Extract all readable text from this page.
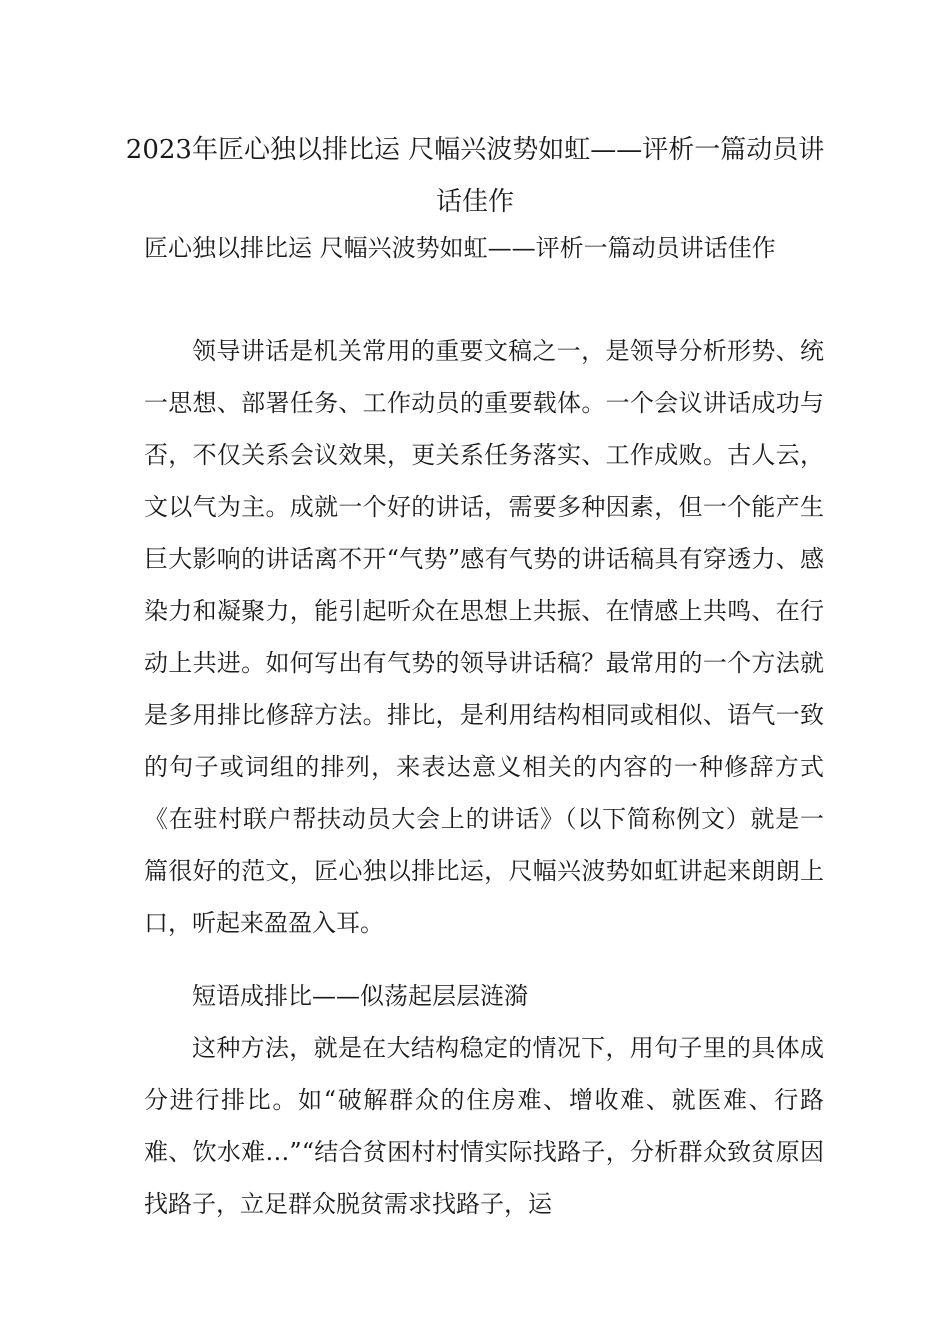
2023年匠心独以排比运 尺幅兴波势如虹——评析一篇动员讲话佳作
匠心独以排比运 尺幅兴波势如虹——评析一篇动员讲话佳作

领导讲话是机关常用的重要文稿之一，是领导分析形势、统一思想、部署任务、工作动员的重要载体。一个会议讲话成功与否，不仅关系会议效果，更关系任务落实、工作成败。古人云，文以气为主。成就一个好的讲话，需要多种因素，但一个能产生巨大影响的讲话离不开“气势”感有气势的讲话稿具有穿透力、感染力和凝聚力，能引起听众在思想上共振、在情感上共鸣、在行动上共进。如何写出有气势的领导讲话稿？最常用的一个方法就是多用排比修辞方法。排比，是利用结构相同或相似、语气一致的句子或词组的排列，来表达意义相关的内容的一种修辞方式《在驻村联户帮扶动员大会上的讲话》（以下简称例文）就是一篇很好的范文，匠心独以排比运，尺幅兴波势如虹讲起来朗朗上口，听起来盈盈入耳。

短语成排比——似荡起层层涟漪

这种方法，就是在大结构稳定的情况下，用句子里的具体成分进行排比。如“破解群众的住房难、增收难、就医难、行路难、饮水难…”“结合贫困村村情实际找路子，分析群众致贫原因找路子，立足群众脱贫需求找路子，运
